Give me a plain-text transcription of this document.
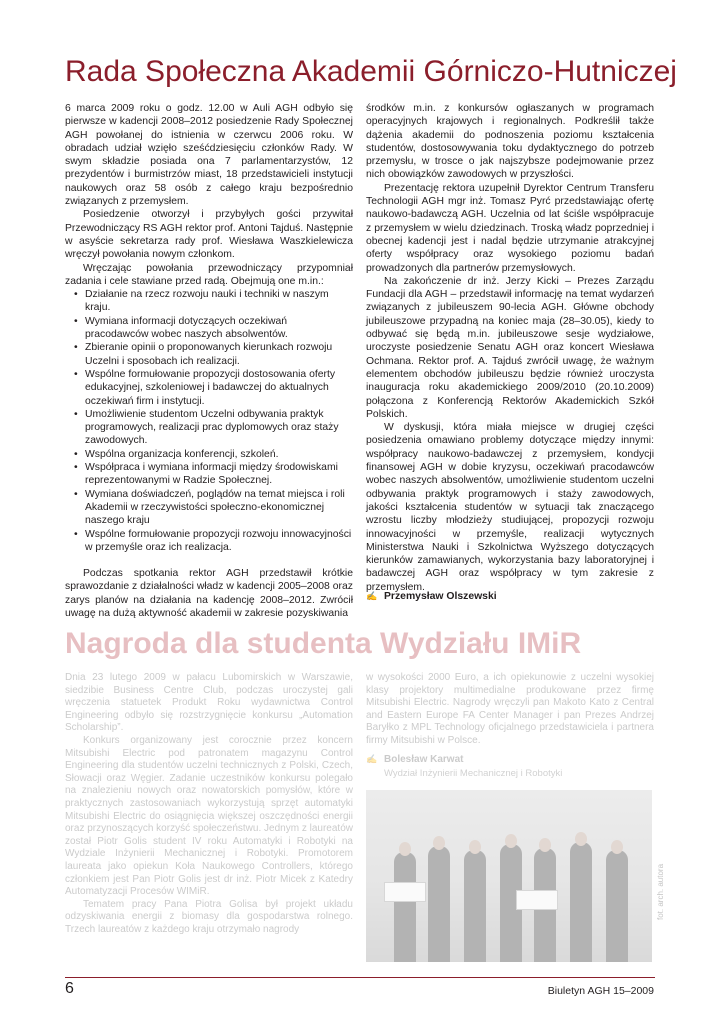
Rada Społeczna Akademii Górniczo-Hutniczej

6 marca 2009 roku o godz. 12.00 w Auli AGH odbyło się pierwsze w kadencji 2008–2012 posiedzenie Rady Społecznej AGH powołanej do istnienia w czerwcu 2006 roku. W obradach udział wzięło sześćdziesięciu członków Rady. W swym składzie posiada ona 7 parlamentarzystów, 12 prezydentów i burmistrzów miast, 18 przedstawicieli instytucji naukowych oraz 58 osób z całego kraju bezpośrednio związanych z przemysłem.

Posiedzenie otworzył i przybyłych gości przywitał Przewodniczący RS AGH rektor prof. Antoni Tajduś. Następnie w asyście sekretarza rady prof. Wiesława Waszkielewicza wręczył powołania nowym członkom.

Wręczając powołania przewodniczący przypomniał zadania i cele stawiane przed radą. Obejmują one m.in.:

• Działanie na rzecz rozwoju nauki i techniki w naszym kraju.
• Wymiana informacji dotyczących oczekiwań pracodawców wobec naszych absolwentów.
• Zbieranie opinii o proponowanych kierunkach rozwoju Uczelni i sposobach ich realizacji.
• Wspólne formułowanie propozycji dostosowania oferty edukacyjnej, szkoleniowej i badawczej do aktualnych oczekiwań firm i instytucji.
• Umożliwienie studentom Uczelni odbywania praktyk programowych, realizacji prac dyplomowych oraz staży zawodowych.
• Wspólna organizacja konferencji, szkoleń.
• Współpraca i wymiana informacji między środowiskami reprezentowanymi w Radzie Społecznej.
• Wymiana doświadczeń, poglądów na temat miejsca i roli Akademii w rzeczywistości społeczno-ekonomicznej naszego kraju
• Wspólne formułowanie propozycji rozwoju innowacyjności w przemyśle oraz ich realizacja.

Podczas spotkania rektor AGH przedstawił krótkie sprawozdanie z działalności władz w kadencji 2005–2008 oraz zarys planów na działania na kadencję 2008–2012. Zwrócił uwagę na dużą aktywność akademii w zakresie pozyskiwania

środków m.in. z konkursów ogłaszanych w programach operacyjnych krajowych i regionalnych. Podkreślił także dążenia akademii do podnoszenia poziomu kształcenia studentów, dostosowywania toku dydaktycznego do potrzeb przemysłu, w trosce o jak najszybsze podejmowanie przez nich obowiązków zawodowych w przyszłości.

Prezentację rektora uzupełnił Dyrektor Centrum Transferu Technologii AGH mgr inż. Tomasz Pyrć przedstawiając ofertę naukowo-badawczą AGH. Uczelnia od lat ściśle współpracuje z przemysłem w wielu dziedzinach. Troską władz poprzedniej i obecnej kadencji jest i nadal będzie utrzymanie atrakcyjnej oferty współpracy oraz wysokiego poziomu badań prowadzonych dla partnerów przemysłowych.

Na zakończenie dr inż. Jerzy Kicki – Prezes Zarządu Fundacji dla AGH – przedstawił informację na temat wydarzeń związanych z jubileuszem 90-lecia AGH. Główne obchody jubileuszowe przypadną na koniec maja (28–30.05), kiedy to odbywać się będą m.in. jubileuszowe sesje wydziałowe, uroczyste posiedzenie Senatu AGH oraz koncert Wiesława Ochmana. Rektor prof. A. Tajduś zwrócił uwagę, że ważnym elementem obchodów jubileuszu będzie również uroczysta inauguracja roku akademickiego 2009/2010 (20.10.2009) połączona z Konferencją Rektorów Akademickich Szkół Polskich.

W dyskusji, która miała miejsce w drugiej części posiedzenia omawiano problemy dotyczące między innymi: współpracy naukowo-badawczej z przemysłem, kondycji finansowej AGH w dobie kryzysu, oczekiwań pracodawców wobec naszych absolwentów, umożliwienie studentom uczelni odbywania praktyk programowych i staży zawodowych, jakości kształcenia studentów w sytuacji tak znaczącego wzrostu liczby młodzieży studiującej, propozycji rozwoju innowacyjności w przemyśle, realizacji wytycznych Ministerstwa Nauki i Szkolnictwa Wyższego dotyczących kierunków zamawianych, wykorzystania bazy laboratoryjnej i badawczej AGH oraz współpracy w tym zakresie z przemysłem.

✍ Przemysław Olszewski
Nagroda dla studenta Wydziału IMiR

Dnia 23 lutego 2009 w pałacu Lubomirskich w Warszawie, siedzibie Business Centre Club, podczas uroczystej gali wręczenia statuetek Produkt Roku wydawnictwa Control Engineering odbyło się rozstrzygnięcie konkursu „Automation Scholarship”.

Konkurs organizowany jest corocznie przez koncern Mitsubishi Electric pod patronatem magazynu Control Engineering dla studentów uczelni technicznych z Polski, Czech, Słowacji oraz Węgier. Zadanie uczestników konkursu polegało na znalezieniu nowych oraz nowatorskich pomysłów, które w praktycznych zastosowaniach wykorzystują sprzęt automatyki Mitsubishi Electric do osiągnięcia większej oszczędności energii oraz przynoszących korzyść społeczeństwu. Jednym z laureatów został Piotr Golis student IV roku Automatyki i Robotyki na Wydziale Inżynierii Mechanicznej i Robotyki. Promotorem laureata jako opiekun Koła Naukowego Controllers, którego członkiem jest Pan Piotr Golis jest dr inż. Piotr Micek z Katedry Automatyzacji Procesów WIMiR.

Tematem pracy Pana Piotra Golisa był projekt układu odzyskiwania energii z biomasy dla gospodarstwa rolnego. Trzech laureatów z każdego kraju otrzymało nagrody

w wysokości 2000 Euro, a ich opiekunowie z uczelni wysokiej klasy projektory multimedialne produkowane przez firmę Mitsubishi Electric. Nagrody wręczyli pan Makoto Kato z Central and Eastern Europe FA Center Manager i pan Prezes Andrzej Baryłko z MPL Technology oficjalnego przedstawiciela i partnera firmy Mitsubishi w Polsce.

✍ Bolesław Karwat
Wydział Inżynierii Mechanicznej i Robotyki
fot. arch. autora
6	Biuletyn AGH 15–2009
